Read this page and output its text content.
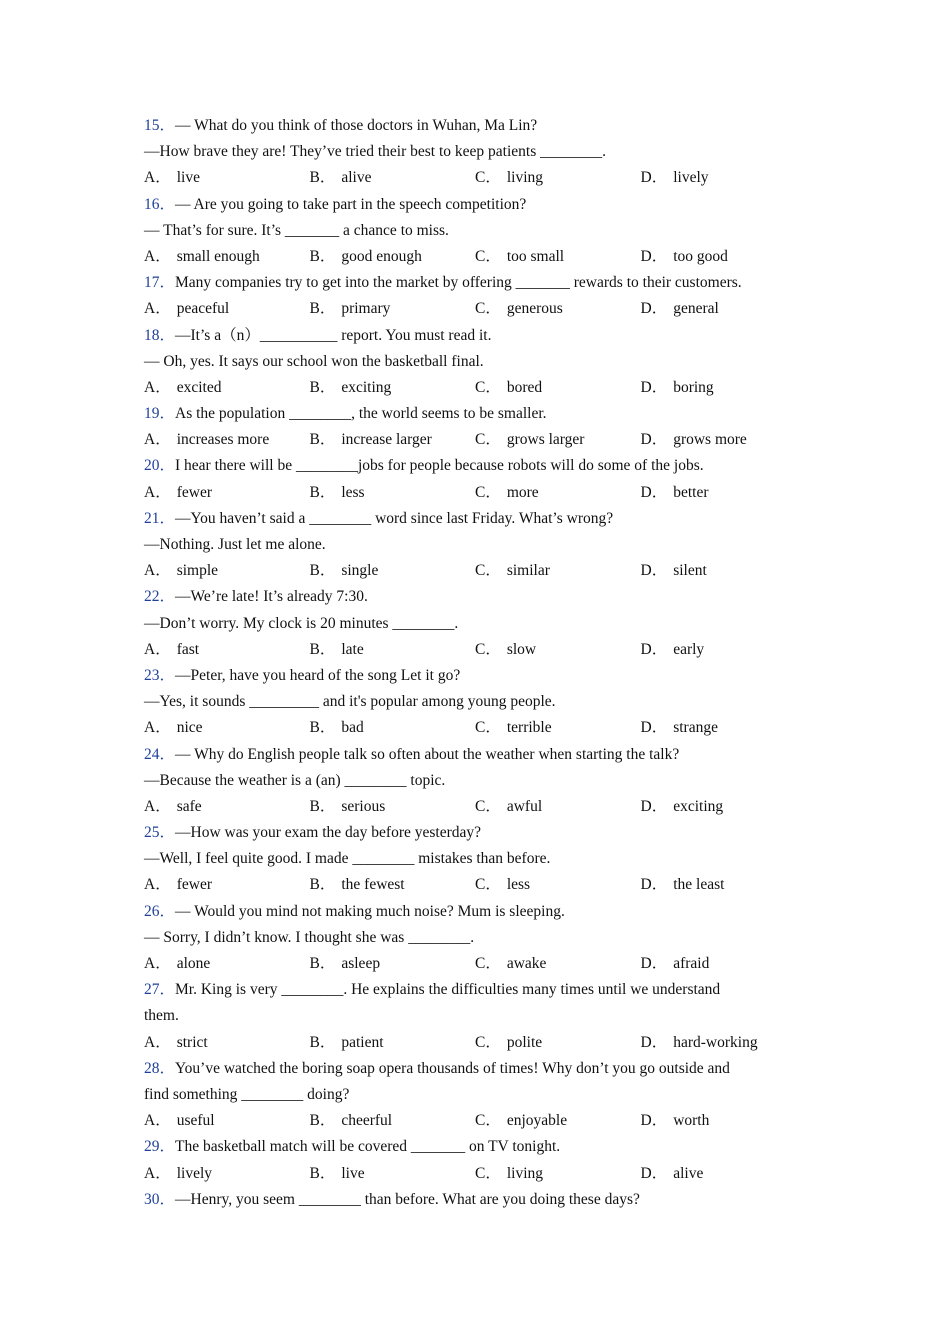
15．— What do you think of those doctors in Wuhan, Ma Lin?
—How brave they are! They’ve tried their best to keep patients ________.
A． live	B． alive	C． living	D． lively
16．— Are you going to take part in the speech competition?
— That’s for sure. It’s _______ a chance to miss.
A． small enough	B． good enough	C． too small	D． too good
17．Many companies try to get into the market by offering _______ rewards to their customers.
A． peaceful	B． primary	C． generous	D． general
18．—It’s a（n）__________ report. You must read it.
— Oh, yes. It says our school won the basketball final.
A． excited	B． exciting	C． bored	D． boring
19．As the population ________, the world seems to be smaller.
A． increases more	B． increase larger	C． grows larger	D． grows more
20．I hear there will be ________jobs for people because robots will do some of the jobs.
A． fewer	B． less	C． more	D． better
21．—You haven’t said a ________ word since last Friday. What’s wrong?
—Nothing. Just let me alone.
A． simple	B． single	C． similar	D． silent
22．—We’re late! It’s already 7:30.
—Don’t worry. My clock is 20 minutes ________.
A． fast	B． late	C． slow	D． early
23．—Peter, have you heard of the song Let it go?
—Yes, it sounds _________ and it's popular among young people.
A． nice	B． bad	C． terrible	D． strange
24．— Why do English people talk so often about the weather when starting the talk?
—Because the weather is a (an) ________ topic.
A． safe	B． serious	C． awful	D． exciting
25．—How was your exam the day before yesterday?
—Well, I feel quite good. I made ________ mistakes than before.
A． fewer	B． the fewest	C． less	D． the least
26．— Would you mind not making much noise? Mum is sleeping.
— Sorry, I didn’t know. I thought she was ________.
A． alone	B． asleep	C． awake	D． afraid
27．Mr. King is very ________. He explains the difficulties many times until we understand
them.
A． strict	B． patient	C． polite	D． hard-working
28．You’ve watched the boring soap opera thousands of times! Why don’t you go outside and
find something ________ doing?
A． useful	B． cheerful	C． enjoyable	D． worth
29．The basketball match will be covered _______ on TV tonight.
A． lively	B． live	C． living	D． alive
30．—Henry, you seem ________ than before. What are you doing these days?
